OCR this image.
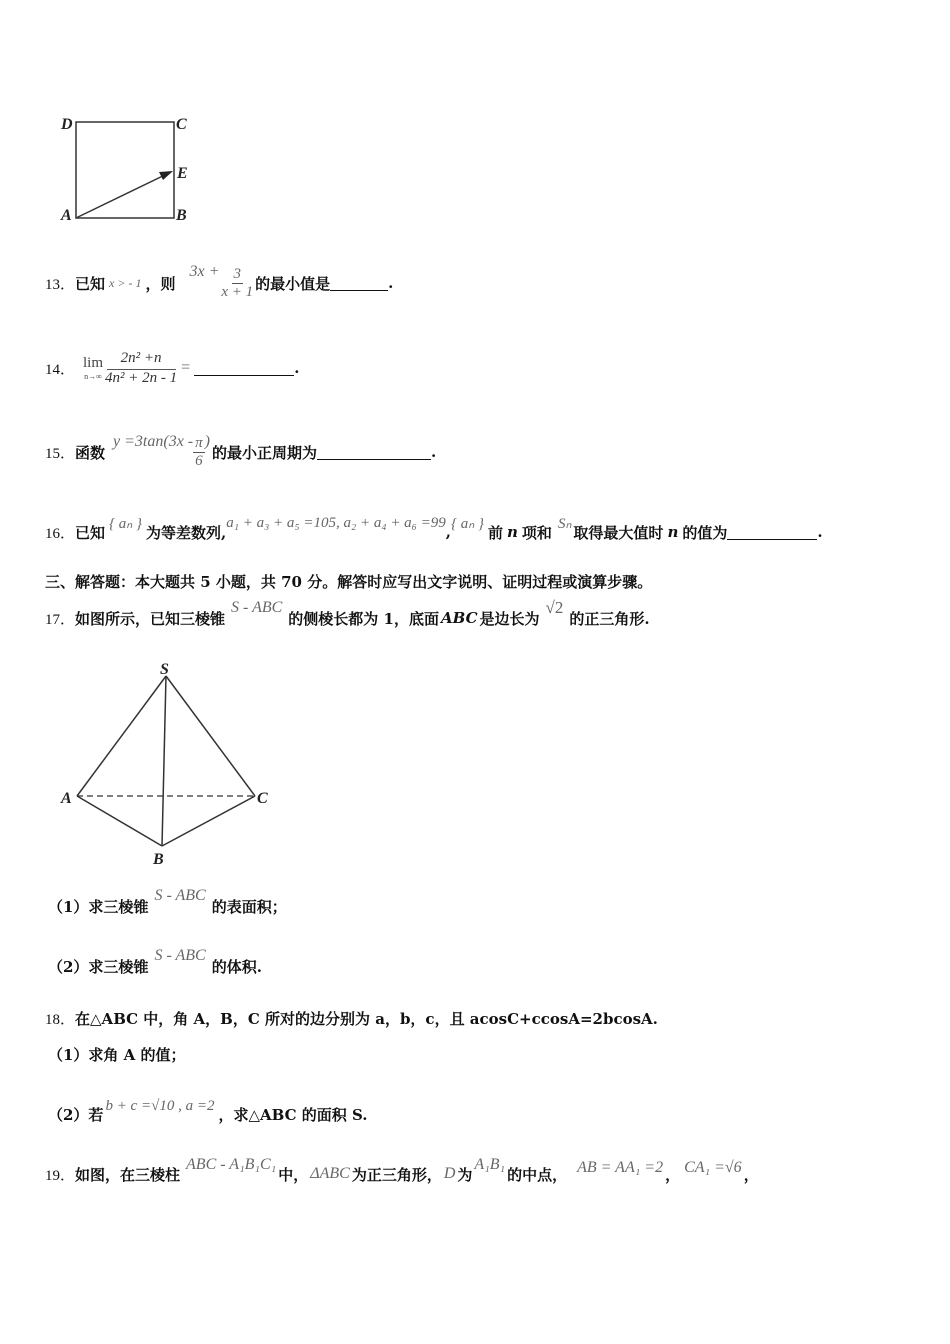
D	C
E
A	B
13． 已知 x > - 1 ，则
$3x + \frac{3}{x + 1}$ 的最小值是	.
14． lim
$n\to\infty \frac{\text{2n² +n}}{\text{4n² + 2n - 1}}$ =	.
15． 函数
$y =3\tan(3x - \frac{\pi}{6}$ )
的最小正周期为	.
16． 已知 { aₙ } 为等差数列,
a₁ + a₃ + a₅ =105, a₂ + a₄ + a₆ =99
, { aₙ } 前 n 项和 Sₙ 取得最大值时 n 的值为	.
三、解答题：本大题共 5 小题，共 70 分。解答时应写出文字说明、证明过程或演算步骤。
17． 如图所示，已知三棱锥
S - ABC
的侧棱长都为 1，底面 ABC 是边长为
√2
的正三角形.
S
A	C
B
（1）求三棱锥
S - ABC
的表面积；
（2）求三棱锥
S - ABC
的体积.
18．在△ABC 中，角 A，B，C 所对的边分别为 a，b，c，且 acosC+ccosA=2bcosA.
（1）求角 A 的值；
（2）若 b + c =√10 , a =2 ，求△ABC 的面积 S.
19． 如图，在三棱柱
ABC - A₁B₁C₁
中， ΔABC 为正三角形， D 为
A₁B₁
的中点， AB = AA₁ =2 ， CA₁ =√6 ，
